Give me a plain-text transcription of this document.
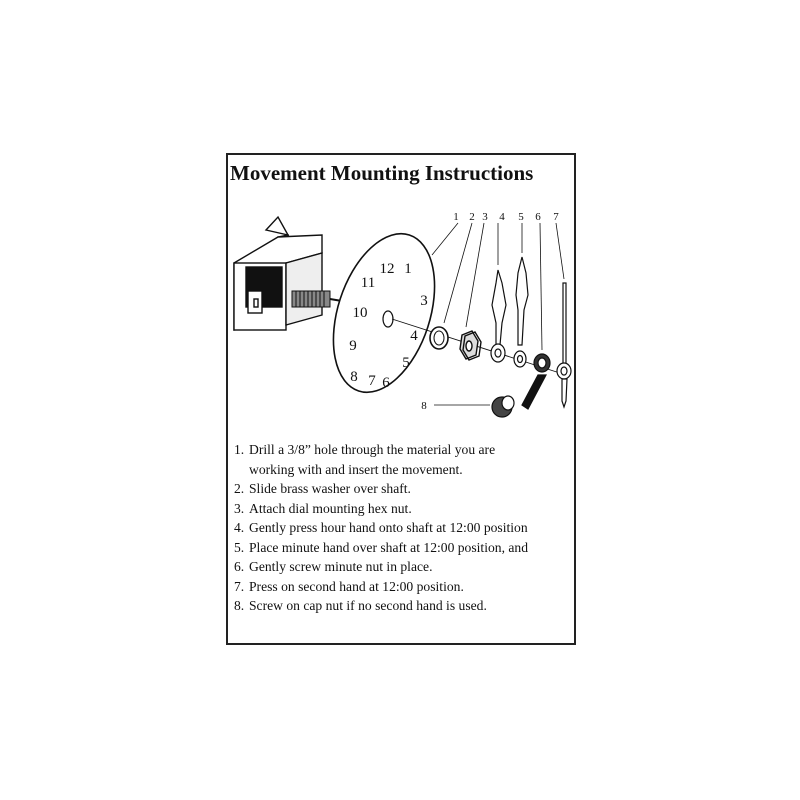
Movement Mounting Instructions
12 1
11
10
3
4
9
5
8 7 6
1 2 3 4 5 6 7
8
1. Drill a 3/8” hole through the material you are
working with and insert the movement.
2. Slide brass washer over shaft.
3. Attach dial mounting hex nut.
4. Gently press hour hand onto shaft at 12:00 position
5. Place minute hand over shaft at 12:00 position, and
6. Gently screw minute nut in place.
7. Press on second hand at 12:00 position.
8. Screw on cap nut if no second hand is used.
